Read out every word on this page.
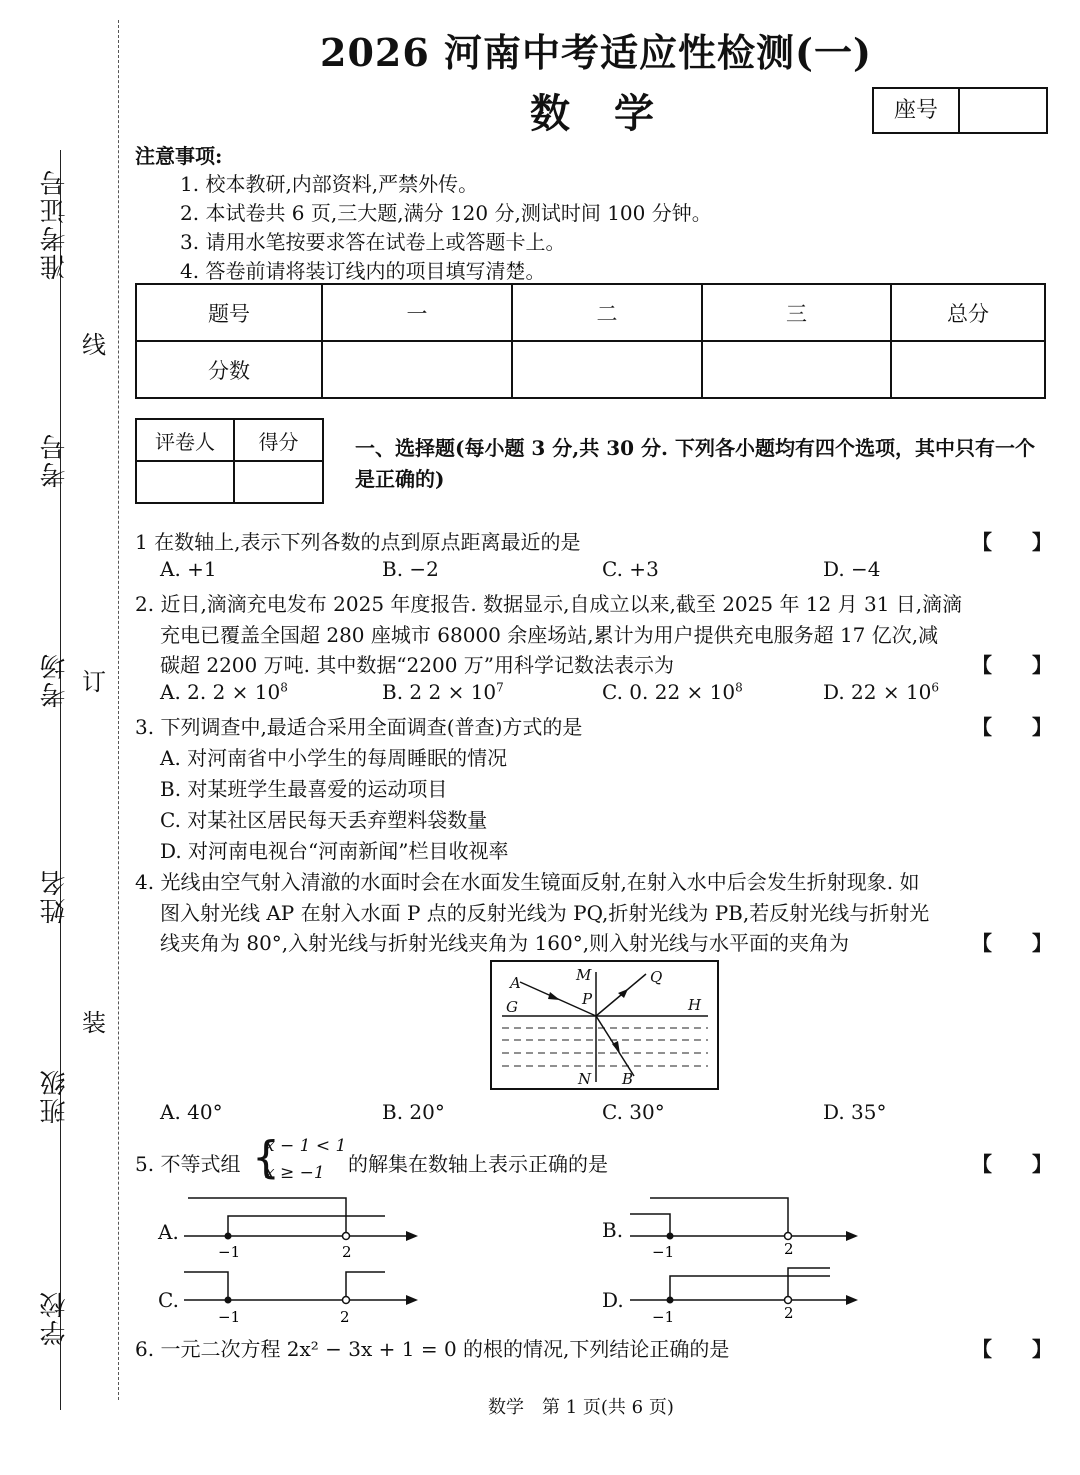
准考证号
考号
考场
姓名
班级
学校
线
订
装
2026 河南中考适应性检测(一)
数学	座号
注意事项:
1. 校本教研,内部资料,严禁外传。
2. 本试卷共 6 页,三大题,满分 120 分,测试时间 100 分钟。
3. 请用水笔按要求答在试卷上或答题卡上。
4. 答卷前请将装订线内的项目填写清楚。
题号	一	二	三	总分
分数				
评卷人	得分
		一、选择题(每小题 3 分,共 30 分. 下列各小题均有四个选项，其中只有一个是正确的)
1 在数轴上,表示下列各数的点到原点距离最近的是	【　　】
A. +1	B. −2	C. +3	D. −4
2. 近日,滴滴充电发布 2025 年度报告. 数据显示,自成立以来,截至 2025 年 12 月 31 日,滴滴
充电已覆盖全国超 280 座城市 68000 余座场站,累计为用户提供充电服务超 17 亿次,减
碳超 2200 万吨. 其中数据“2200 万”用科学记数法表示为	【　　】
A. 2. $2 \times 10^8$	B. 2 $2 \times 10^7$	C. 0. $22 \times 10^8$	D. $22 \times 10^6$
3. 下列调查中,最适合采用全面调查(普查)方式的是	【　　】
A. 对河南省中小学生的每周睡眠的情况
B. 对某班学生最喜爱的运动项目
C. 对某社区居民每天丢弃塑料袋数量
D. 对河南电视台“河南新闻”栏目收视率
4. 光线由空气射入清澈的水面时会在水面发生镜面反射,在射入水中后会发生折射现象. 如
图入射光线 AP 在射入水面 P 点的反射光线为 PQ,折射光线为 PB,若反射光线与折射光
线夹角为 80°,入射光线与折射光线夹角为 160°,则入射光线与水平面的夹角为	【　　】
A	M	Q
G	P	H
N B
A. 40°	B. 20°	C. 30°	D. 35°
5. 不等式组 {
x − 1 < 1
x ≥ −1 的解集在数轴上表示正确的是	【　　】
A.
−1	2
B.
−1	2
C.
−1	2
D.
−1	2
6. 一元二次方程 2x² − 3x + 1 = 0 的根的情况,下列结论正确的是	【　　】
数学　第 1 页(共 6 页)
